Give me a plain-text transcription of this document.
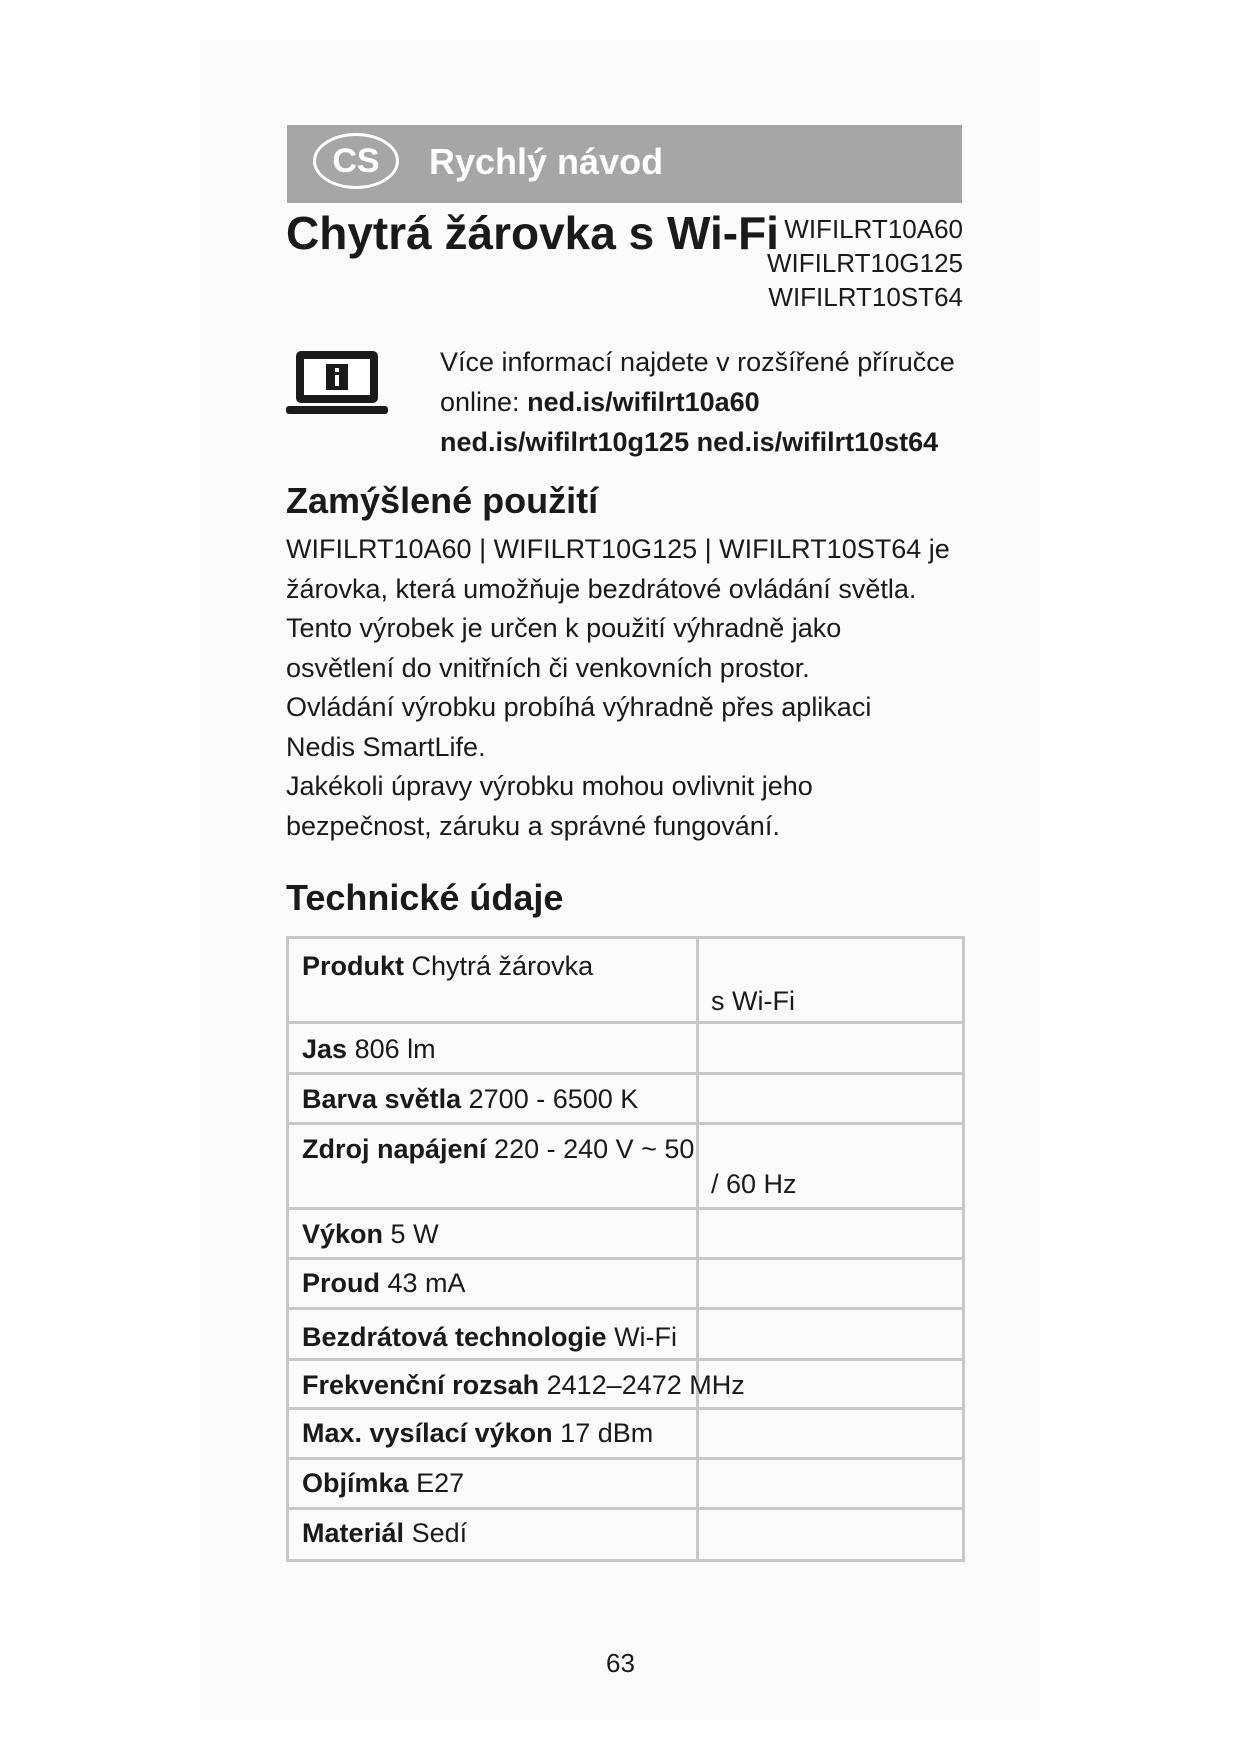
CS	Rychlý návod
Chytrá žárovka s Wi-Fi WIFILRT10A60
WIFILRT10G125
WIFILRT10ST64
Více informací najdete v rozšířené příručce online: ned.is/wifilrt10a60
ned.is/wifilrt10g125 ned.is/wifilrt10st64
Zamýšlené použití
WIFILRT10A60 | WIFILRT10G125 | WIFILRT10ST64 je
žárovka, která umožňuje bezdrátové ovládání světla.
Tento výrobek je určen k použití výhradně jako
osvětlení do vnitřních či venkovních prostor.
Ovládání výrobku probíhá výhradně přes aplikaci
Nedis SmartLife.
Jakékoli úpravy výrobku mohou ovlivnit jeho
bezpečnost, záruku a správné fungování.
Technické údaje
Produkt Chytrá žárovka	s Wi-Fi
Jas 806 lm	
Barva světla 2700 - 6500 K	
Zdroj napájení 220 - 240 V ~ 50	/ 60 Hz
Výkon 5 W	
Proud 43 mA	
Bezdrátová technologie Wi-Fi	
Frekvenční rozsah 2412–2472 MHz	
Max. vysílací výkon 17 dBm	
Objímka E27	
Materiál Sedí	
63
